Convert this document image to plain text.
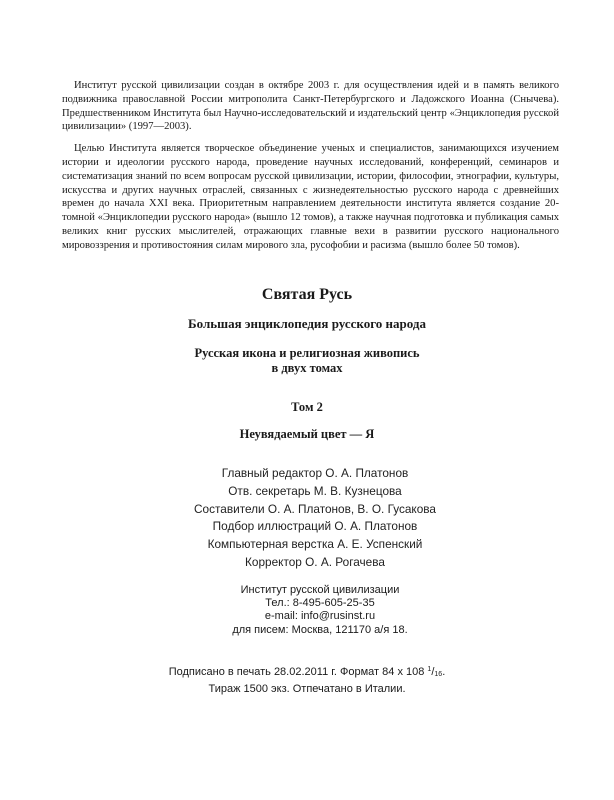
Институт русской цивилизации создан в октябре 2003 г. для осуществления идей и в память великого подвижника православной России митрополита Санкт-Петербургского и Ладожского Иоанна (Снычева). Предшественником Института был Научно-исследовательский и издательский центр «Энциклопедия русской цивилизации» (1997—2003).

Целью Института является творческое объединение ученых и специалистов, занимающихся изучением истории и идеологии русского народа, проведение научных исследований, конференций, семинаров и систематизация знаний по всем вопросам русской цивилизации, истории, философии, этнографии, культуры, искусства и других научных отраслей, связанных с жизнедеятельностью русского народа с древнейших времен до начала XXI века. Приоритетным направлением деятельности института является создание 20-томной «Энциклопедии русского народа» (вышло 12 томов), а также научная подготовка и публикация самых великих книг русских мыслителей, отражающих главные вехи в развитии русского национального мировоззрения и противостояния силам мирового зла, русофобии и расизма (вышло более 50 томов).

Святая Русь
Большая энциклопедия русского народа
Русская икона и религиозная живопись
в двух томах
Том 2
Неувядаемый цвет — Я
Главный редактор О. А. Платонов
Отв. секретарь М. В. Кузнецова
Составители О. А. Платонов, В. О. Гусакова
Подбор иллюстраций О. А. Платонов
Компьютерная верстка А. Е. Успенский
Корректор О. А. Рогачева
Институт русской цивилизации
Тел.: 8-495-605-25-35
e-mail: info@rusinst.ru
для писем: Москва, 121170 а/я 18.
Подписано в печать 28.02.2011 г. Формат 84 x 108 $^1$/16.
Тираж 1500 экз. Отпечатано в Италии.
